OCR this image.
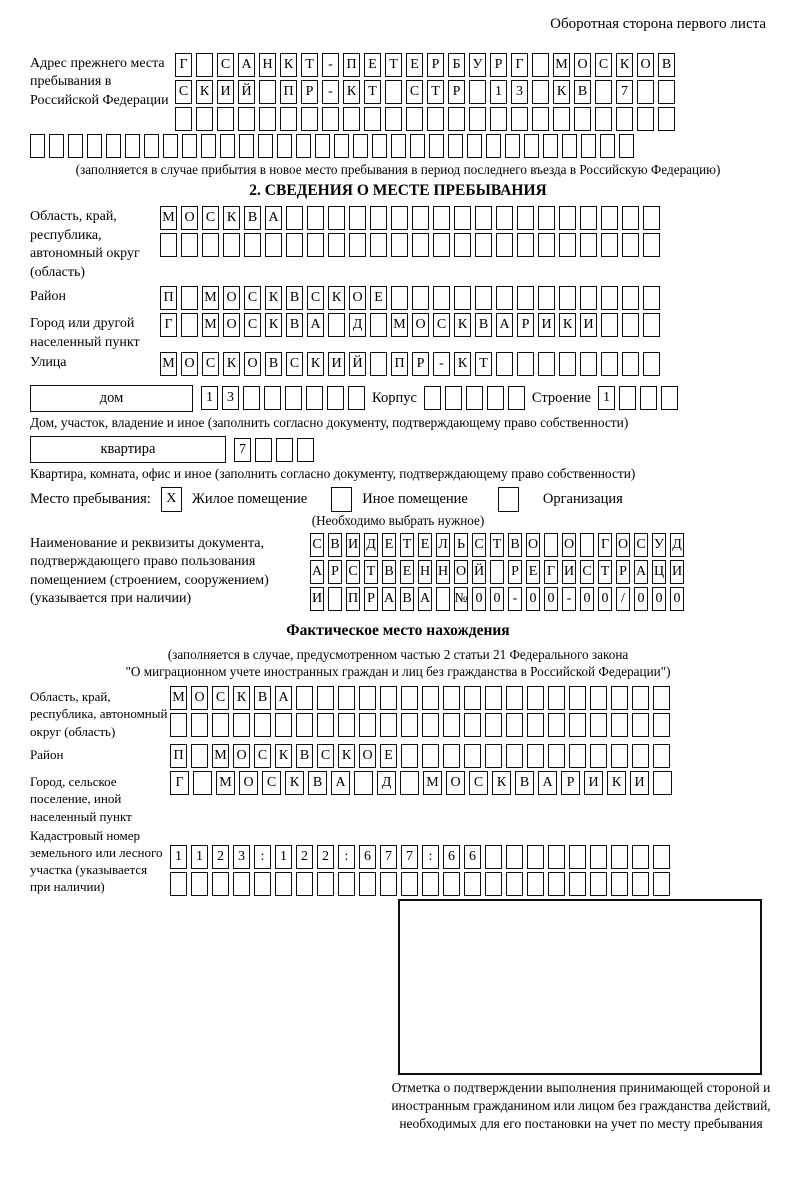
Оборотная сторона первого листа
Адрес прежнего места пребывания в Российской Федерации
Г	С А Н К Т	- П Е Т Е Р Б У Р Г	М О С К О В
С К И Й П Р	-	К Т	С Т Р	1	3	К В	7
(заполняется в случае прибытия в новое место пребывания в период последнего въезда в Российскую Федерацию)
2. СВЕДЕНИЯ О МЕСТЕ ПРЕБЫВАНИЯ
Область, край, республика, автономный округ (область)
М О С К В А
Район	П М О С К В С К О Е
Город или другой населенный пункт
Г	М О С К В А Д М О С К В А Р И К И
Улица	М О С К О В С К И Й П Р	-	К Т
дом	1	3	Корпус	Строение 1
Дом, участок, владение и иное (заполнить согласно документу, подтверждающему право собственности)
квартира	7
Квартира, комната, офис и иное (заполнить согласно документу, подтверждающему право собственности)
Место пребывания:	X	Жилое помещение	Иное помещение	Организация
(Необходимо выбрать нужное)
Наименование и реквизиты документа, подтверждающего право пользования помещением (строением, сооружением) (указывается при наличии)
С В И Д Е Т Е Л Ь С Т В О О Г О С У Д
А Р С Т В Е Н Н О Й Р Е Г И С Т Р А Ц И
И П Р А В А № 0 0 - 0 0 - 0 0 / 0 0 0
Фактическое место нахождения
(заполняется в случае, предусмотренном частью 2 статьи 21 Федерального закона
"О миграционном учете иностранных граждан и лиц без гражданства в Российской Федерации")
Область, край, республика, автономный округ (область)
М О С К В А
Район	П М О С К В С К О Е
Город, сельское поселение, иной населенный пункт
Г	М О С К В А	Д	М О С К В А	Р	И К И
Кадастровый номер земельного или лесного участка (указывается при наличии)
1	1	2	3	:	1	2	2	:	6	7	7	:	6	6
Отметка о подтверждении выполнения принимающей стороной и иностранным гражданином или лицом без гражданства действий, необходимых для его постановки на учет по месту пребывания
